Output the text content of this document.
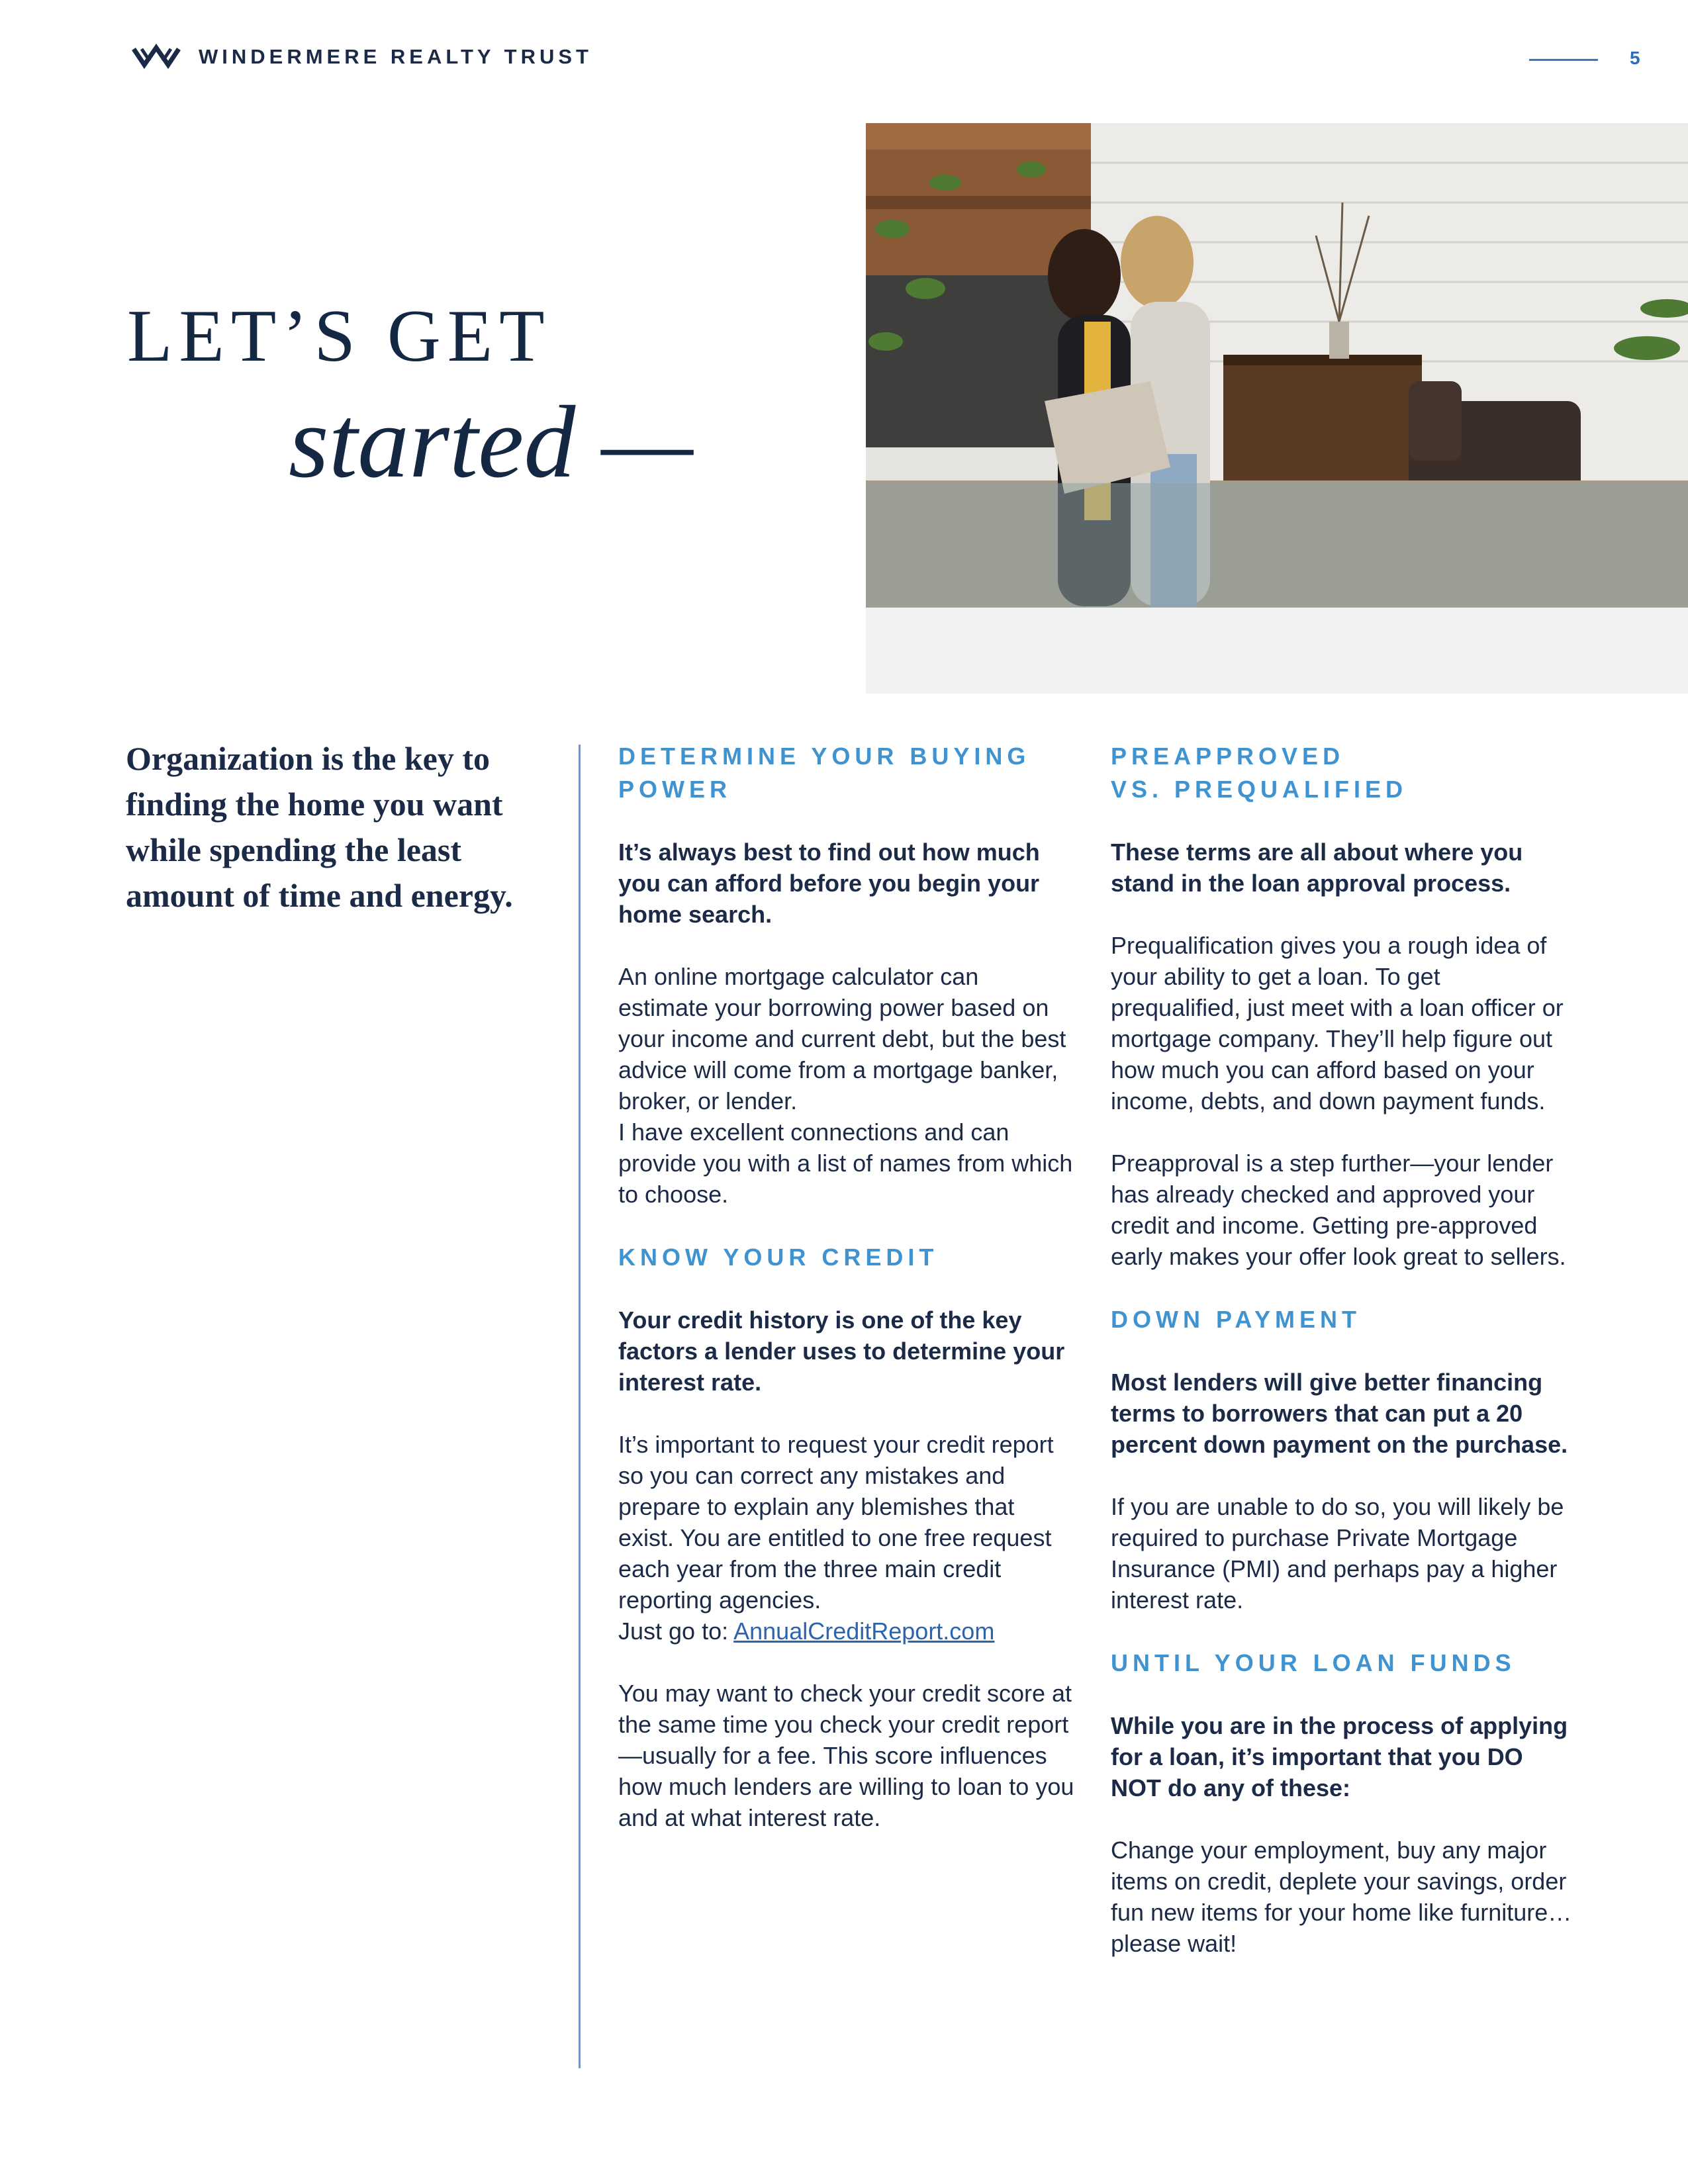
WINDERMERE REALTY TRUST	5
LET’S GET
started —

Organization is the key to finding the home you want while spending the least amount of time and energy.

DETERMINE YOUR BUYING
POWER

It’s always best to find out how much you can afford before you begin your home search.

An online mortgage calculator can estimate your borrowing power based on your income and current debt, but the best advice will come from a mortgage banker, broker, or lender.
I have excellent connections and can provide you with a list of names from which to choose.

KNOW YOUR CREDIT

Your credit history is one of the key factors a lender uses to determine your interest rate.

It’s important to request your credit report so you can correct any mistakes and prepare to explain any blemishes that exist. You are entitled to one free request each year from the three main credit reporting agencies.
Just go to: AnnualCreditReport.com

You may want to check your credit score at the same time you check your credit report—usually for a fee. This score influences how much lenders are willing to loan to you and at what interest rate.

PREAPPROVED
VS. PREQUALIFIED

These terms are all about where you stand in the loan approval process.

Prequalification gives you a rough idea of your ability to get a loan. To get prequalified, just meet with a loan officer or mortgage company. They’ll help figure out how much you can afford based on your income, debts, and down payment funds.

Preapproval is a step further—your lender has already checked and approved your credit and income. Getting pre-approved early makes your offer look great to sellers.

DOWN PAYMENT

Most lenders will give better financing terms to borrowers that can put a 20 percent down payment on the purchase.

If you are unable to do so, you will likely be required to purchase Private Mortgage Insurance (PMI) and perhaps pay a higher interest rate.

UNTIL YOUR LOAN FUNDS

While you are in the process of applying for a loan, it’s important that you DO NOT do any of these:

Change your employment, buy any major items on credit, deplete your savings, order fun new items for your home like furniture… please wait!
